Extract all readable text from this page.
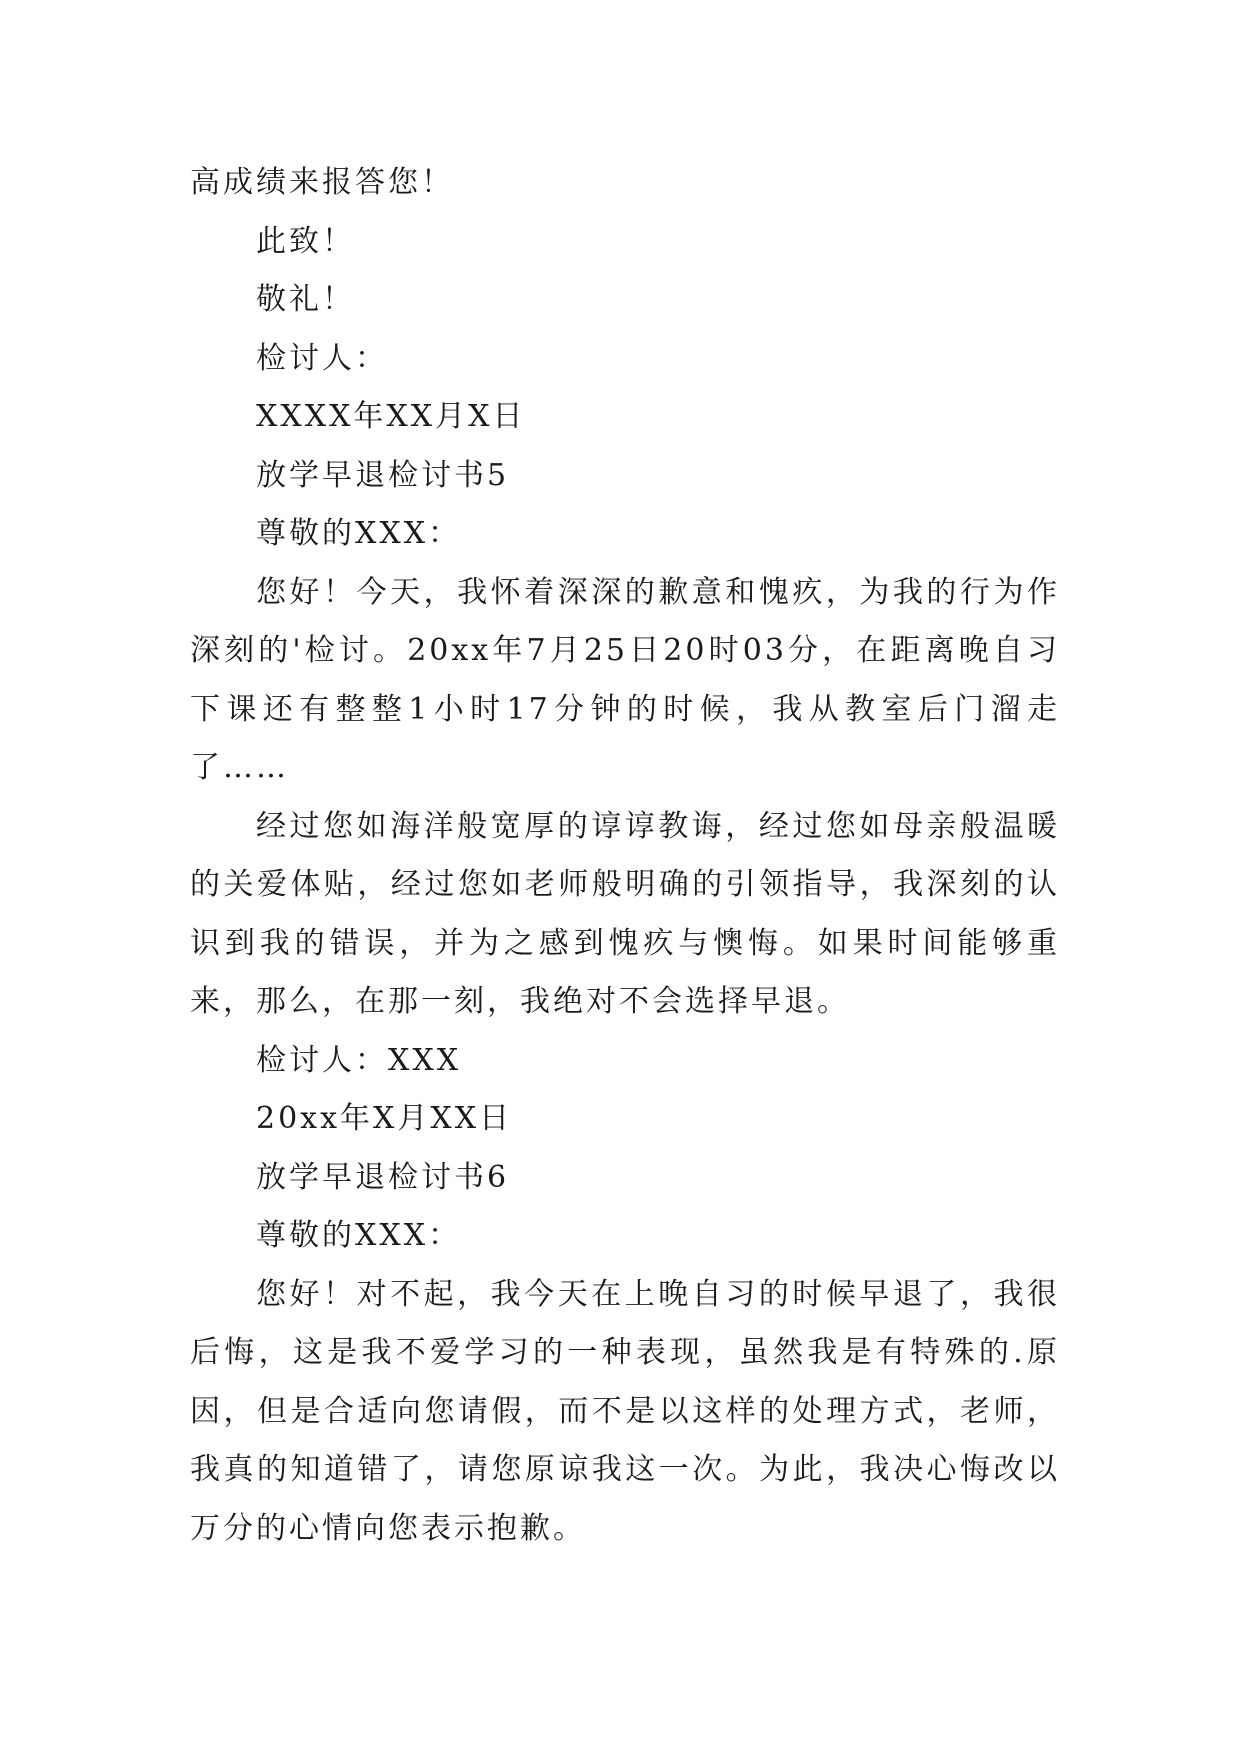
高成绩来报答您！
此致！
敬礼！
检讨人：
XXXX年XX月X日
放学早退检讨书5
尊敬的XXX：
您好！今天，我怀着深深的歉意和愧疚，为我的行为作深刻的'检讨。20xx年7月25日20时03分，在距离晚自习下课还有整整1小时17分钟的时候，我从教室后门溜走了……
经过您如海洋般宽厚的谆谆教诲，经过您如母亲般温暖的关爱体贴，经过您如老师般明确的引领指导，我深刻的认识到我的错误，并为之感到愧疚与懊悔。如果时间能够重来，那么，在那一刻，我绝对不会选择早退。
检讨人：XXX
20xx年X月XX日
放学早退检讨书6
尊敬的XXX：
您好！对不起，我今天在上晚自习的时候早退了，我很后悔，这是我不爱学习的一种表现，虽然我是有特殊的.原因，但是合适向您请假，而不是以这样的处理方式，老师，我真的知道错了，请您原谅我这一次。为此，我决心悔改以万分的心情向您表示抱歉。
